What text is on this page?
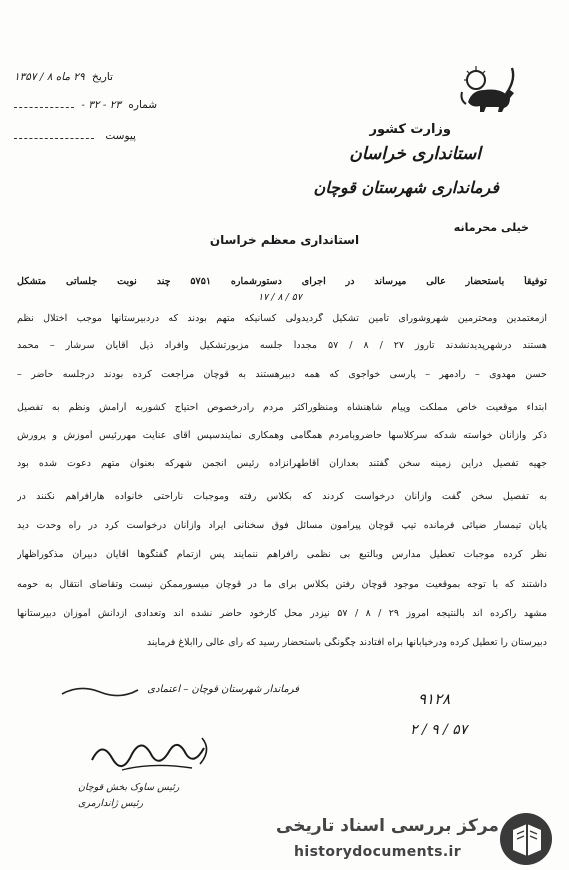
تاریخ ۲۹ ماه ۸ / ۱۳۵۷
شماره ۲۳ - ۳۲ -
پیوست	وزارت کشور
استانداری خراسان
فرمانداری شهرستان قوچان
خیلی محرمانه
استانداری معظم خراسان
توفیقاً باستحضار عالی میرساند در اجرای دستورشماره ۵۷۵۱ چند نوبت جلساتی متشکل
۱۷ / ۸ / ۵۷
ازمعتمدین ومحترمین شهروشورای تأمین تشکیل گردیدولی کسانیکه متهم بودند که دردبیرستانها موجب اختلال نظم
هستند درشهرپدیدنشدند تاروز ۲۷ / ۸ / ۵۷ مجدداً جلسه مزبورتشکیل وافراد ذیل آقایان سرشار – محمد
حسن مهدوی – رادمهر – پارسی خواجوی که همه دبیرهستند به قوچان مراجعت کرده بودند درجلسه حاضر –
ابتداء موقعیت خاص مملکت وپیام شاهنشاه ومنظوراکثر مردم رادرخصوص احتیاج کشوربه آرامش ونظم به تفصیل
ذکر وازآنان خواسته شدکه سرکلاسها حاضروبامردم همگامی وهمکاری نمایندسپس آقای عنایت مهررئیس آموزش و پرورش
جهیه تفصیل دراین زمینه سخن گفتند بعدازآن آقاطهرانزاده رئیس انجمن شهرکه بعنوان متهم دعوت شده بود
به تفصیل سخن گفت وازآنان درخواست کردند که بکلاس رفته وموجبات ناراحتی خانواده هارافراهم نکنند در
پایان تیمسار ضیائی فرمانده تیپ قوچان پیرامون مسائل فوق سخنانی ایراد وازآنان درخواست کرد در راه وحدت دید
نظر کرده موجبات تعطیل مدارس وبالتبع بی نظمی رافراهم ننمایند پس ازتمام گفتگوها آقایان دبیران مذکوراظهار
داشتند که با توجه بموقعیت موجود قوچان رفتن بکلاس برای ما در قوچان میسورممکن نیست وتقاضای انتقال به حومه
مشهد راکرده اند بالنتیجه امروز ۲۹ / ۸ / ۵۷ نیزدر محل کارخود حاضر نشده اند وتعدادی ازدانش آموزان دبیرستانها
دبیرستان را تعطیل کرده ودرخیابانها براه افتادند چگونگی باستحضار رسید که رأی عالی راابلاغ فرمایند
فرماندار شهرستان قوچان – اعتمادی
رئیس ساوک بخش قوچان
رئیس ژاندارمری
۹۱۲۸
۲ / ۹ / ۵۷
مرکز بررسی اسناد تاریخی
historydocuments.ir
